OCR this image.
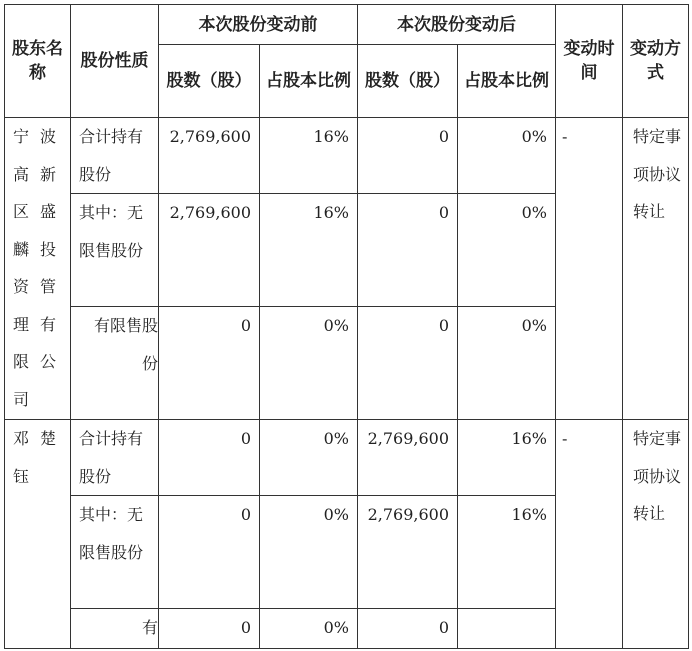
股东名称	股份性质	本次股份变动前		本次股份变动后		变动时间	变动方式
		股数（股）	占股本比例	股数（股）	占股本比例		
宁波高新区盛麟投资管理有限公司	合计持有股份	2,769,600	16%	0	0%	-	特定事项协议转让
	其中：无限售股份	2,769,600	16%	0	0%		

	有限售股份	0	0%	0	0%		
邓楚钰	合计持有股份	0	0%	2,769,600	16%	-	特定事项协议转让
	其中：无限售股份	0	0%	2,769,600	16%		

	有	0	0%	0			
